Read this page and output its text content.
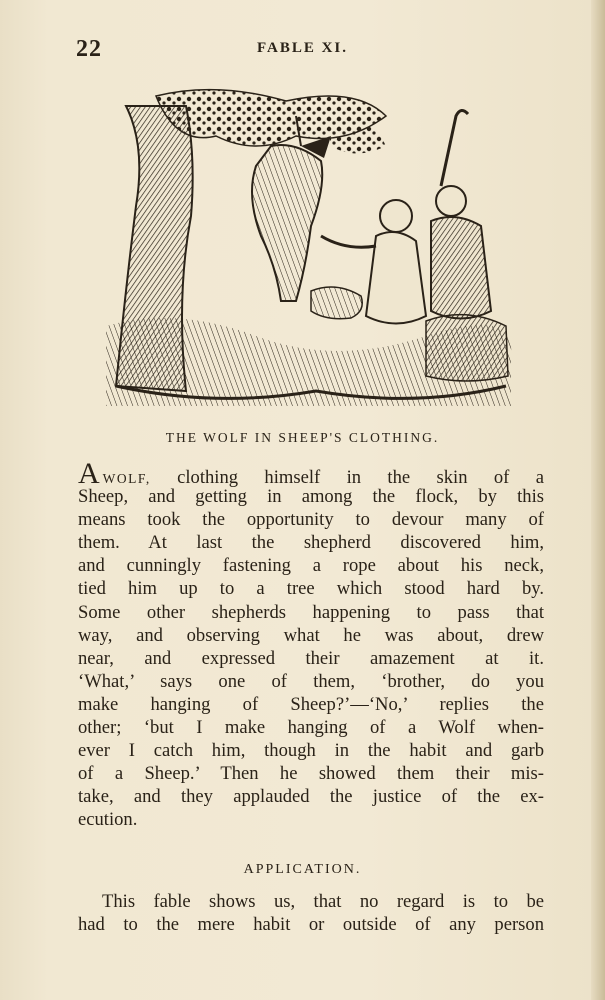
22	FABLE XI.
THE WOLF IN SHEEP'S CLOTHING.
AWOLF, clothing himself in the skin of a
Sheep, and getting in among the flock, by this
means took the opportunity to devour many of
them. At last the shepherd discovered him,
and cunningly fastening a rope about his neck,
tied him up to a tree which stood hard by.
Some other shepherds happening to pass that
way, and observing what he was about, drew
near, and expressed their amazement at it.
‘What,’ says one of them, ‘brother, do you
make hanging of Sheep?’—‘No,’ replies the
other; ‘but I make hanging of a Wolf when-
ever I catch him, though in the habit and garb
of a Sheep.’ Then he showed them their mis-
take, and they applauded the justice of the ex-
ecution.
APPLICATION.
This fable shows us, that no regard is to be
had to the mere habit or outside of any person
